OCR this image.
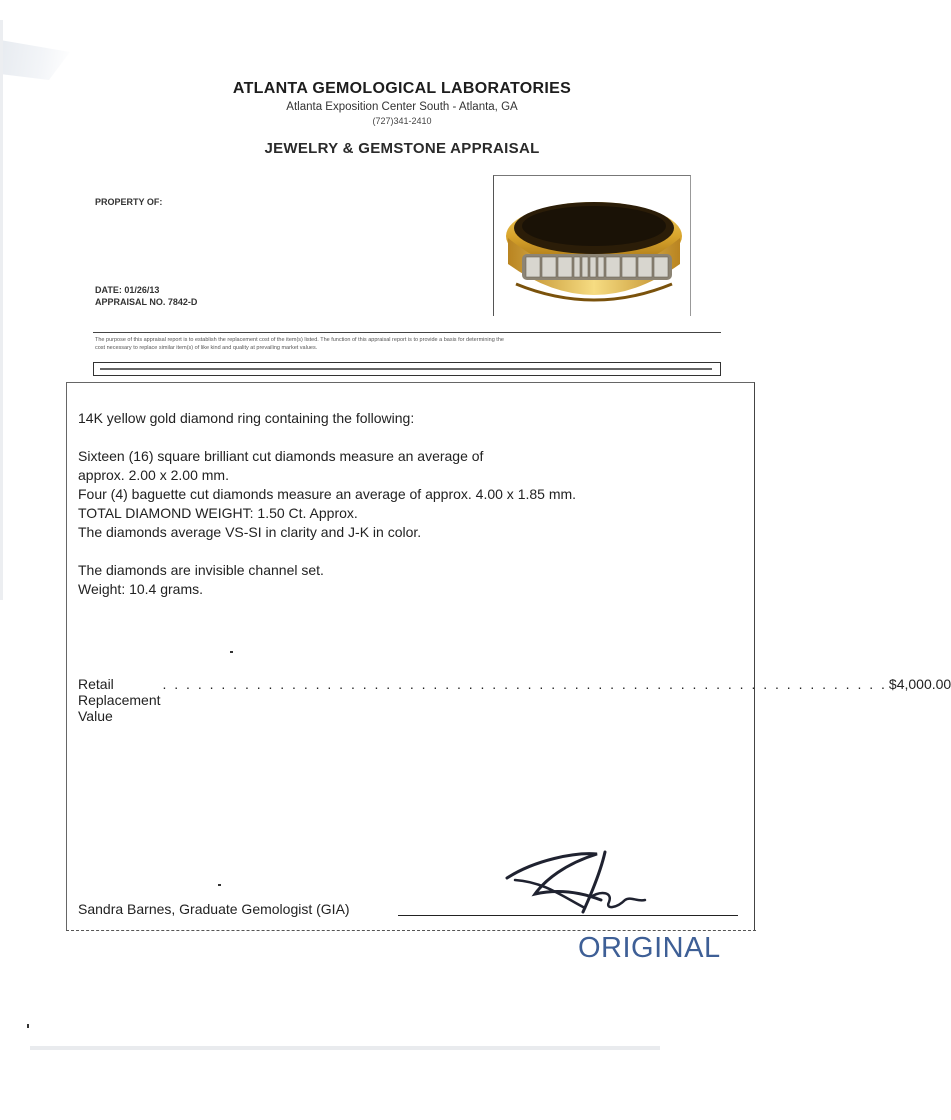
ATLANTA GEMOLOGICAL LABORATORIES
Atlanta Exposition Center South - Atlanta, GA
(727)341-2410
JEWELRY & GEMSTONE APPRAISAL
PROPERTY OF:
DATE: 01/26/13
APPRAISAL NO. 7842-D
The purpose of this appraisal report is to establish the replacement cost of the item(s) listed. The function of this appraisal report is to provide a basis for determining the
cost necessary to replace similar item(s) of like kind and quality at prevailing market values.
14K yellow gold diamond ring containing the following:
Sixteen (16) square brilliant cut diamonds measure an average of
approx. 2.00 x 2.00 mm.
Four (4) baguette cut diamonds measure an average of approx. 4.00 x 1.85 mm.
TOTAL DIAMOND WEIGHT: 1.50 Ct. Approx.
The diamonds average VS-SI in clarity and J-K in color.
The diamonds are invisible channel set.
Weight: 10.4 grams.
Retail Replacement Value
. . . . . . . . . . . . . . . . . . . . . . . . . . . . . . . . . . . . . . . . . . . . . . . . . . . . . . . . . . . . . . $4,000.00
Sandra Barnes, Graduate Gemologist (GIA)
ORIGINAL
